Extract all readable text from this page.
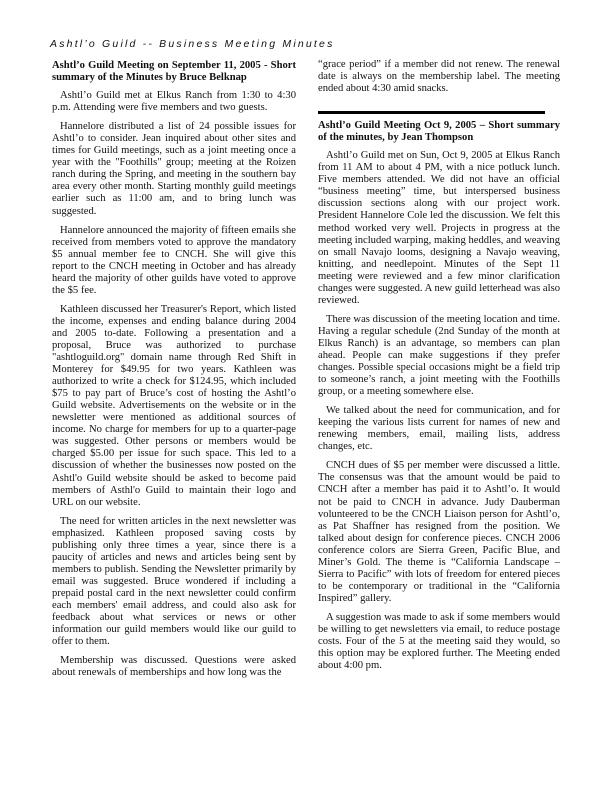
Ashtl’o Guild -- Business Meeting Minutes
Ashtl’o Guild Meeting on September 11, 2005 - Short summary of the Minutes by Bruce Belknap

Ashtl’o Guild met at Elkus Ranch from 1:30 to 4:30 p.m. Attending were five members and two guests.

Hannelore distributed a list of 24 possible issues for Ashtl’o to consider. Jean inquired about other sites and times for Guild meetings, such as a joint meeting once a year with the "Foothills" group; meeting at the Roizen ranch during the Spring, and meeting in the southern bay area every other month. Starting monthly guild meetings earlier such as 11:00 am, and to bring lunch was suggested.

Hannelore announced the majority of fifteen emails she received from members voted to approve the mandatory $5 annual member fee to CNCH. She will give this report to the CNCH meeting in October and has already heard the majority of other guilds have voted to approve the $5 fee.

Kathleen discussed her Treasurer's Report, which listed the income, expenses and ending balance during 2004 and 2005 to-date. Following a presentation and a proposal, Bruce was authorized to purchase "ashtloguild.org" domain name through Red Shift in Monterey for $49.95 for two years. Kathleen was authorized to write a check for $124.95, which included $75 to pay part of Bruce’s cost of hosting the Ashtl’o Guild website. Advertisements on the website or in the newsletter were mentioned as additional sources of income. No charge for members for up to a quarter-page was suggested. Other persons or members would be charged $5.00 per issue for such space. This led to a discussion of whether the businesses now posted on the Ashtl'o Guild website should be asked to become paid members of Asthl'o Guild to maintain their logo and URL on our website.

The need for written articles in the next newsletter was emphasized. Kathleen proposed saving costs by publishing only three times a year, since there is a paucity of articles and news and articles being sent by members to publish. Sending the Newsletter primarily by email was suggested. Bruce wondered if including a prepaid postal card in the next newsletter could confirm each members' email address, and could also ask for feedback about what services or news or other information our guild members would like our guild to offer to them.

Membership was discussed. Questions were asked about renewals of memberships and how long was the

“grace period” if a member did not renew. The renewal date is always on the membership label. The meeting ended about 4:30 amid snacks.

Ashtl’o Guild Meeting Oct 9, 2005 – Short summary of the minutes, by Jean Thompson

Ashtl’o Guild met on Sun, Oct 9, 2005 at Elkus Ranch from 11 AM to about 4 PM, with a nice potluck lunch. Five members attended. We did not have an official “business meeting” time, but interspersed business discussion sections along with our project work. President Hannelore Cole led the discussion. We felt this method worked very well. Projects in progress at the meeting included warping, making heddles, and weaving on small Navajo looms, designing a Navajo weaving, knitting, and needlepoint. Minutes of the Sept 11 meeting were reviewed and a few minor clarification changes were suggested. A new guild letterhead was also reviewed.

There was discussion of the meeting location and time. Having a regular schedule (2nd Sunday of the month at Elkus Ranch) is an advantage, so members can plan ahead. People can make suggestions if they prefer changes. Possible special occasions might be a field trip to someone’s ranch, a joint meeting with the Foothills group, or a meeting somewhere else.

We talked about the need for communication, and for keeping the various lists current for names of new and renewing members, email, mailing lists, address changes, etc.

CNCH dues of $5 per member were discussed a little. The consensus was that the amount would be paid to CNCH after a member has paid it to Ashtl’o. It would not be paid to CNCH in advance. Judy Dauberman volunteered to be the CNCH Liaison person for Ashtl’o, as Pat Shaffner has resigned from the position. We talked about design for conference pieces. CNCH 2006 conference colors are Sierra Green, Pacific Blue, and Miner’s Gold. The theme is “California Landscape – Sierra to Pacific” with lots of freedom for entered pieces to be contemporary or traditional in the “California Inspired” gallery.

A suggestion was made to ask if some members would be willing to get newsletters via email, to reduce postage costs. Four of the 5 at the meeting said they would, so this option may be explored further. The Meeting ended about 4:00 pm.
